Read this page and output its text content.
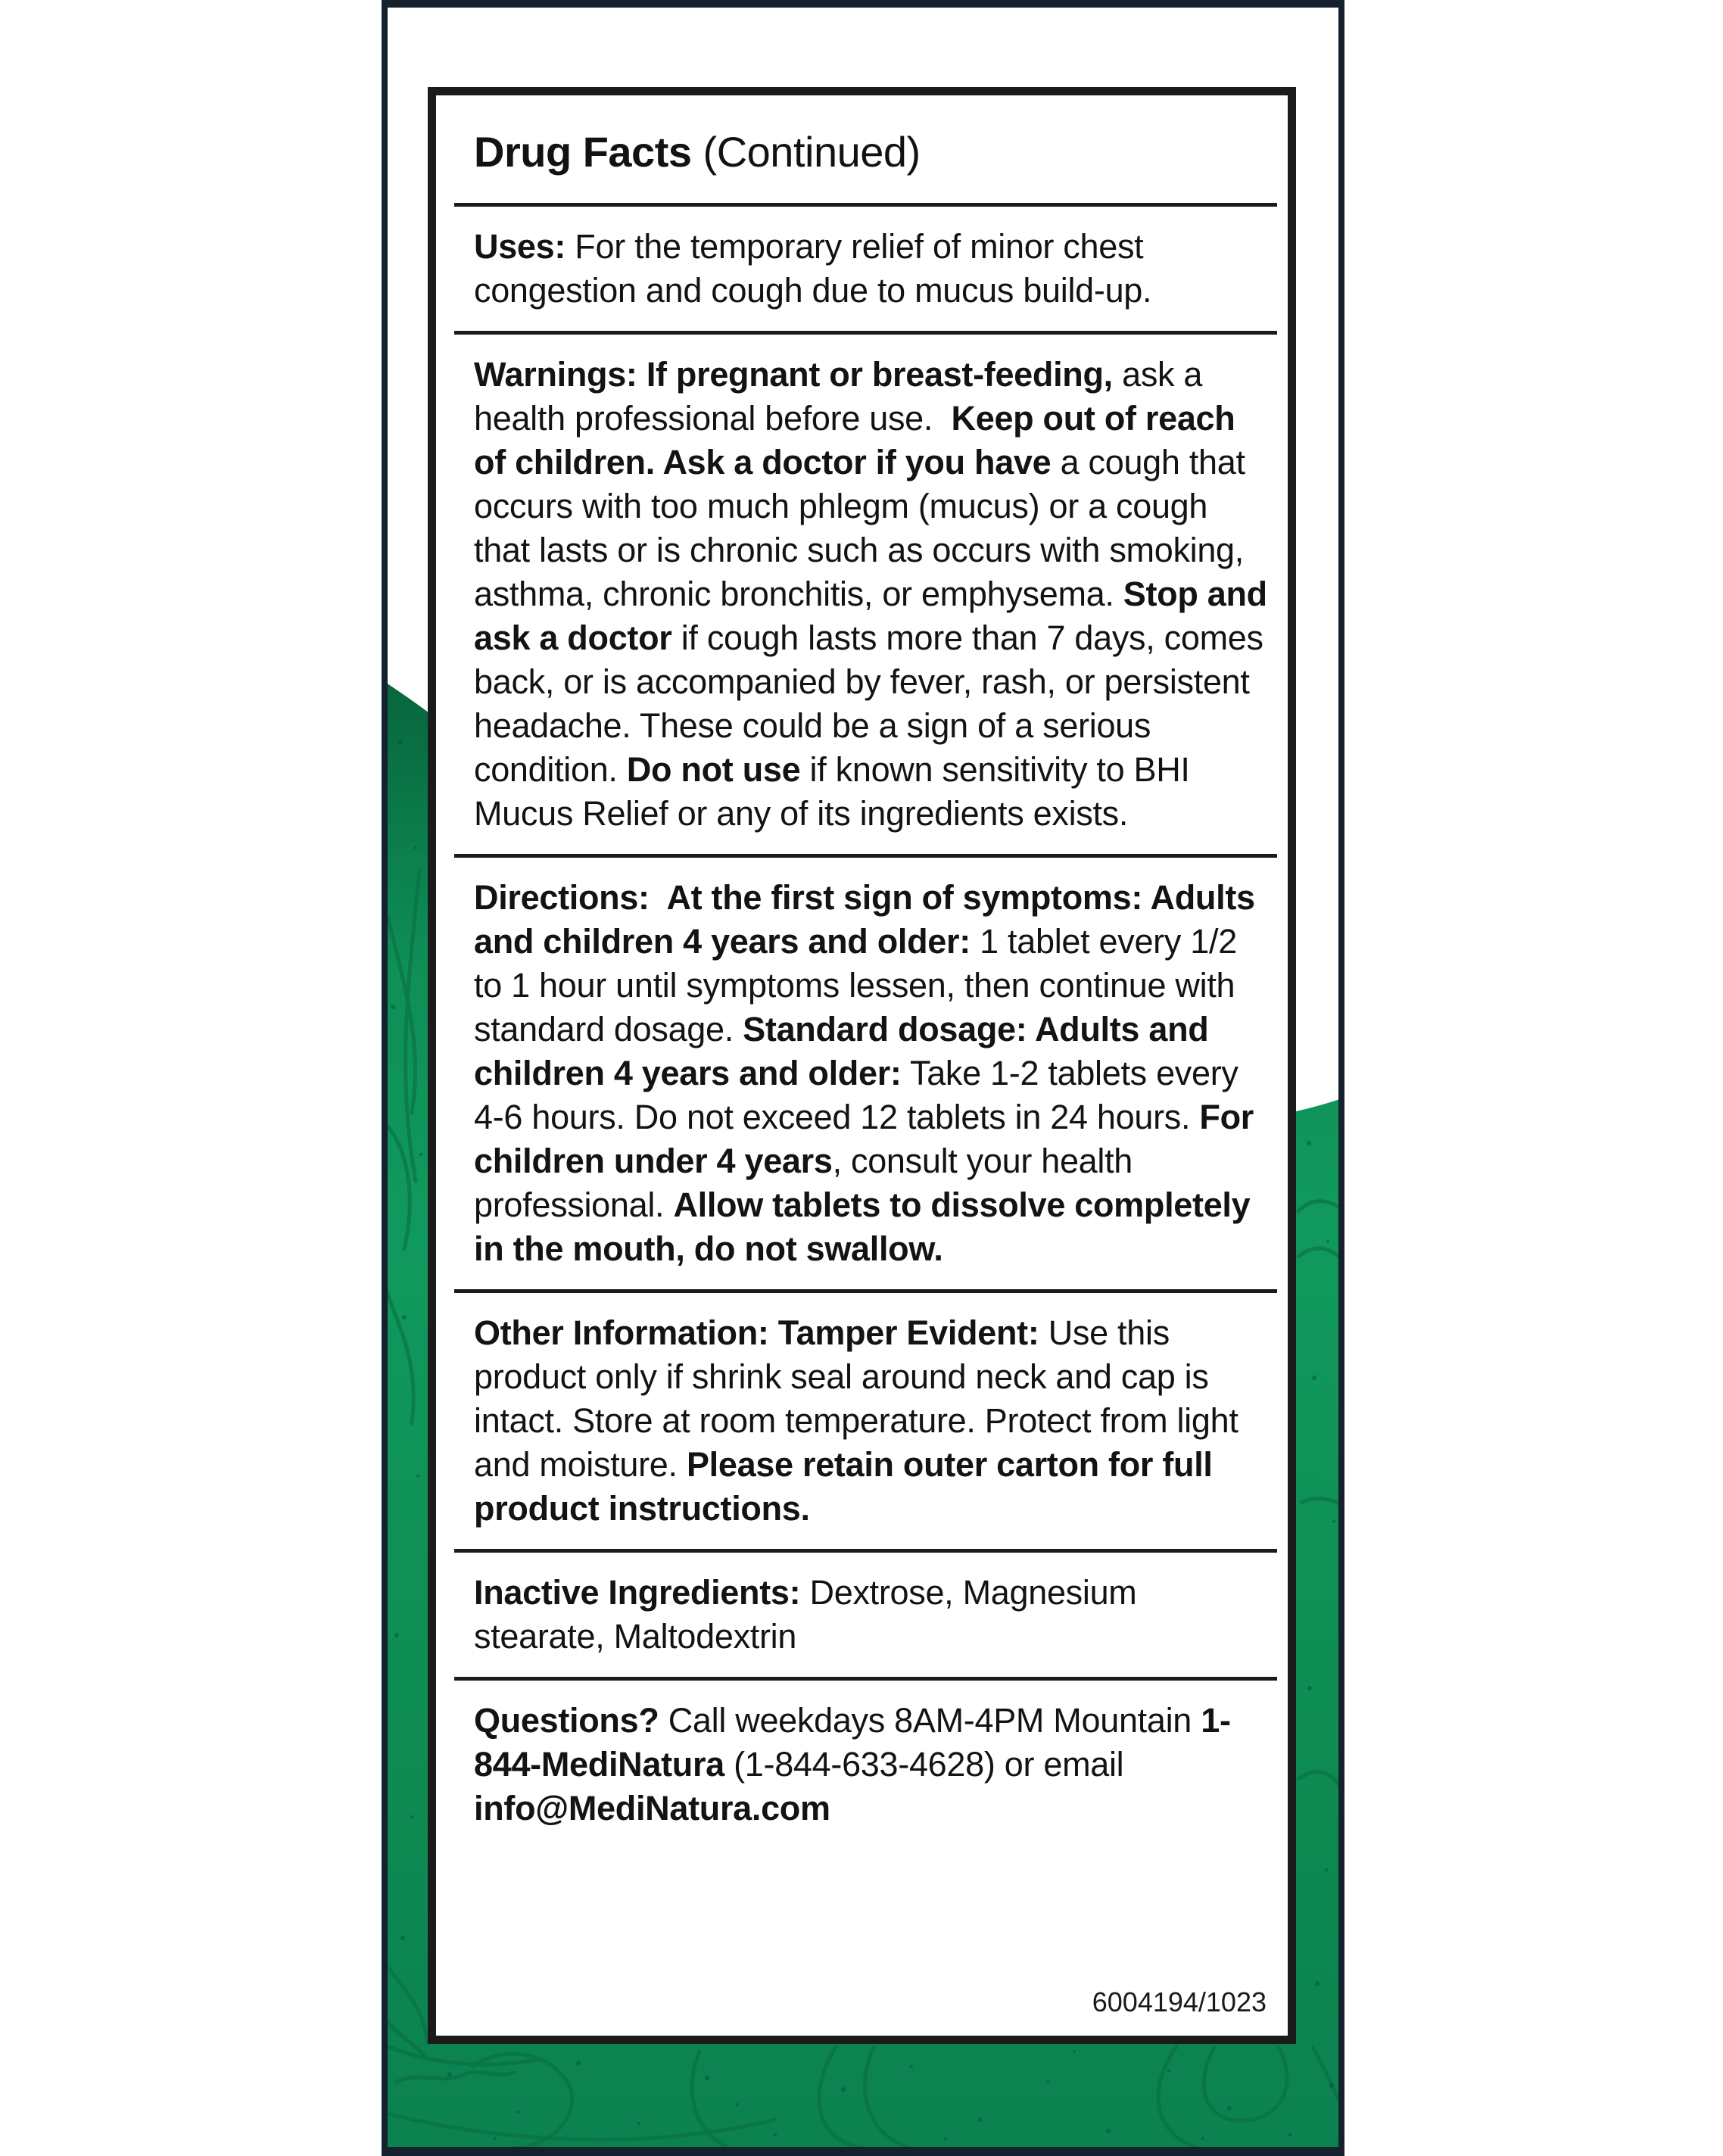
Drug Facts (Continued)

Uses: For the temporary relief of minor chest congestion and cough due to mucus build-up.

Warnings: If pregnant or breast-feeding, ask a health professional before use.  Keep out of reach of children. Ask a doctor if you have a cough that occurs with too much phlegm (mucus) or a cough that lasts or is chronic such as occurs with smoking, asthma, chronic bronchitis, or emphysema. Stop and ask a doctor if cough lasts more than 7 days, comes back, or is accompanied by fever, rash, or persistent headache. These could be a sign of a serious condition. Do not use if known sensitivity to BHI Mucus Relief or any of its ingredients exists.

Directions:  At the first sign of symptoms: Adults and children 4 years and older: 1 tablet every 1/2 to 1 hour until symptoms lessen, then continue with standard dosage. Standard dosage: Adults and children 4 years and older: Take 1-2 tablets every 4-6 hours. Do not exceed 12 tablets in 24 hours. For children under 4 years, consult your health professional. Allow tablets to dissolve completely in the mouth, do not swallow.

Other Information: Tamper Evident: Use this product only if shrink seal around neck and cap is intact. Store at room temperature. Protect from light and moisture. Please retain outer carton for full product instructions.

Inactive Ingredients: Dextrose, Magnesium stearate, Maltodextrin

Questions? Call weekdays 8AM-4PM Mountain 1-844-MediNatura (1-844-633-4628) or email info@MediNatura.com

6004194/1023
